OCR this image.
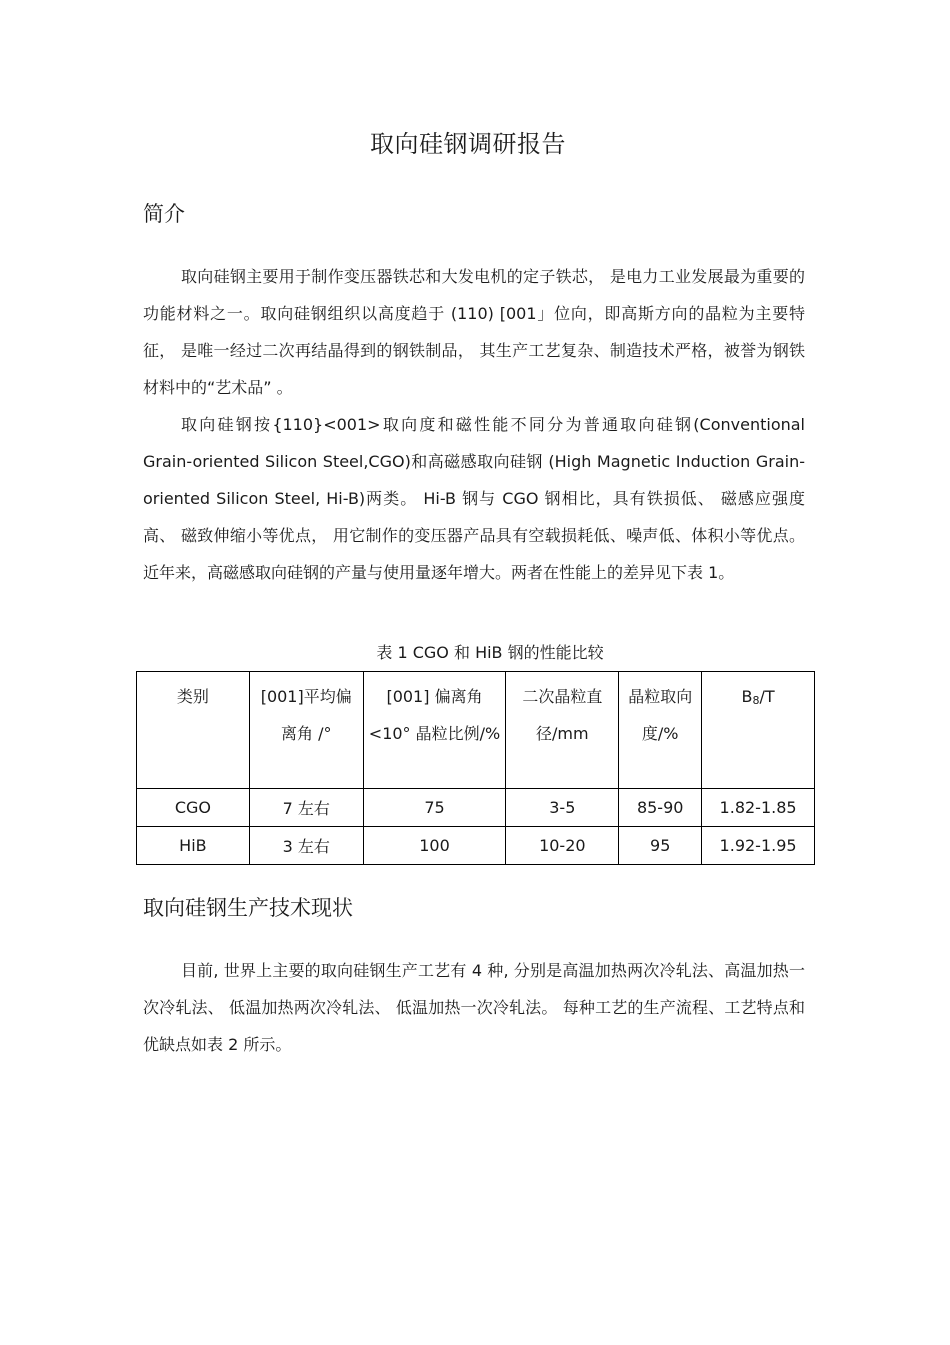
取向硅钢调研报告
简介

取向硅钢主要用于制作变压器铁芯和大发电机的定子铁芯， 是电力工业发展最为重要的功能材料之一。取向硅钢组织以高度趋于 (110) [001」位向，即高斯方向的晶粒为主要特征， 是唯一经过二次再结晶得到的钢铁制品， 其生产工艺复杂、制造技术严格，被誉为钢铁材料中的“艺术品” 。

取向硅钢按{110}<001>取向度和磁性能不同分为普通取向硅钢(Conventional Grain-oriented Silicon Steel,CGO)和高磁感取向硅钢 (High Magnetic Induction Grain-oriented Silicon Steel, Hi-B)两类。 Hi-B 钢与 CGO 钢相比，具有铁损低、 磁感应强度高、 磁致伸缩小等优点， 用它制作的变压器产品具有空载损耗低、噪声低、体积小等优点。近年来，高磁感取向硅钢的产量与使用量逐年增大。两者在性能上的差异见下表 1。

表 1 CGO 和 HiB 钢的性能比较
类别	[001]平均偏离角 /°	[001] 偏离角<10° 晶粒比例/%	二次晶粒直径/mm	晶粒取向度/%	B8/T
CGO	7 左右	75	3-5	85-90	1.82-1.85
HiB	3 左右	100	10-20	95	1.92-1.95
取向硅钢生产技术现状

目前, 世界上主要的取向硅钢生产工艺有 4 种, 分别是高温加热两次冷轧法、高温加热一次冷轧法、 低温加热两次冷轧法、 低温加热一次冷轧法。 每种工艺的生产流程、工艺特点和优缺点如表 2 所示。
